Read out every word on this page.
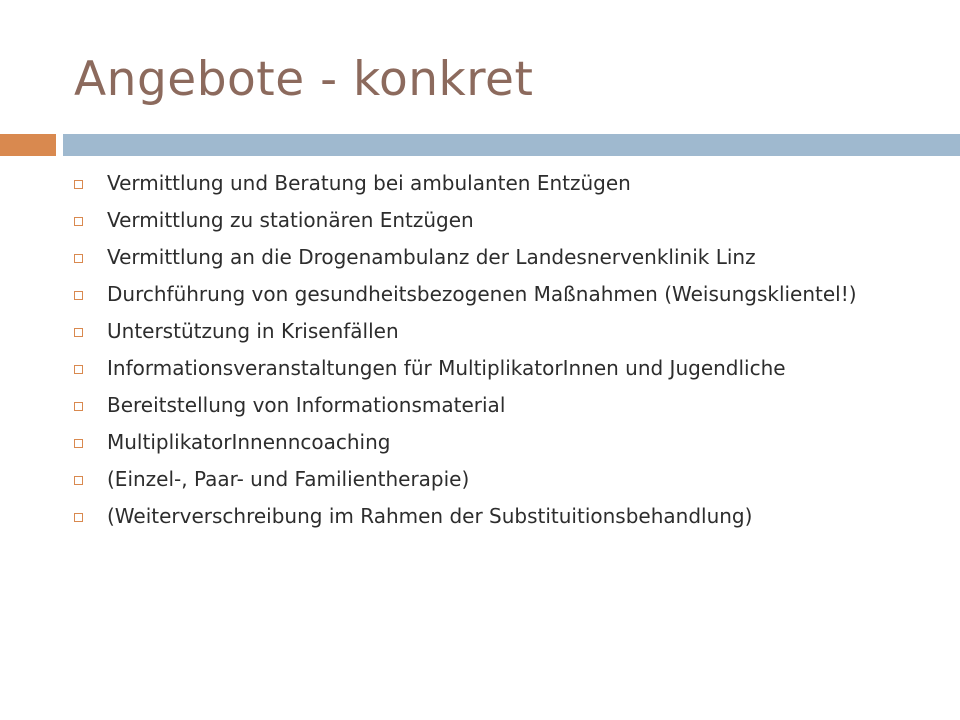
Angebote - konkret
Vermittlung und Beratung bei ambulanten Entzügen
Vermittlung zu stationären Entzügen
Vermittlung an die Drogenambulanz der Landesnervenklinik Linz
Durchführung von gesundheitsbezogenen Maßnahmen (Weisungsklientel!)
Unterstützung in Krisenfällen
Informationsveranstaltungen für MultiplikatorInnen und Jugendliche
Bereitstellung von Informationsmaterial
MultiplikatorInnenncoaching
(Einzel-, Paar- und Familientherapie)
(Weiterverschreibung im Rahmen der Substituitionsbehandlung)
